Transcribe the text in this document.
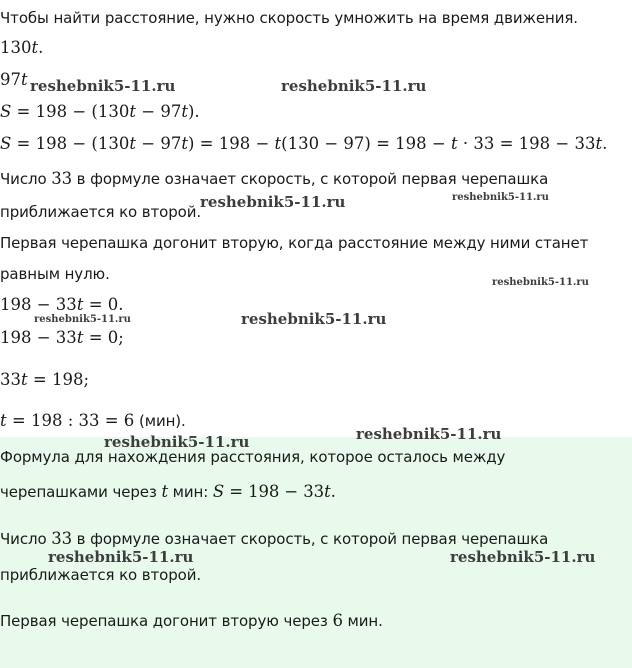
Чтобы найти расстояние, нужно скорость умножить на время движения.
130t.
97t
S = 198 − (130t − 97t).
S = 198 − (130t − 97t) = 198 − t(130 − 97) = 198 − t · 33 = 198 − 33t.
Число 33 в формуле означает скорость, с которой первая черепашка
приближается ко второй.
Первая черепашка догонит вторую, когда расстояние между ними станет
равным нулю.
198 − 33t = 0.
198 − 33t = 0;
33t = 198;
t = 198 : 33 = 6 (мин).
Формула для нахождения расстояния, которое осталось между
черепашками через t мин: S = 198 − 33t.
Число 33 в формуле означает скорость, с которой первая черепашка
приближается ко второй.
Первая черепашка догонит вторую через 6 мин.
reshebnik5-11.ru	reshebnik5-11.ru
reshebnik5-11.ru	reshebnik5-11.ru
reshebnik5-11.ru
reshebnik5-11.ru	reshebnik5-11.ru
reshebnik5-11.ru	reshebnik5-11.ru
reshebnik5-11.ru	reshebnik5-11.ru
